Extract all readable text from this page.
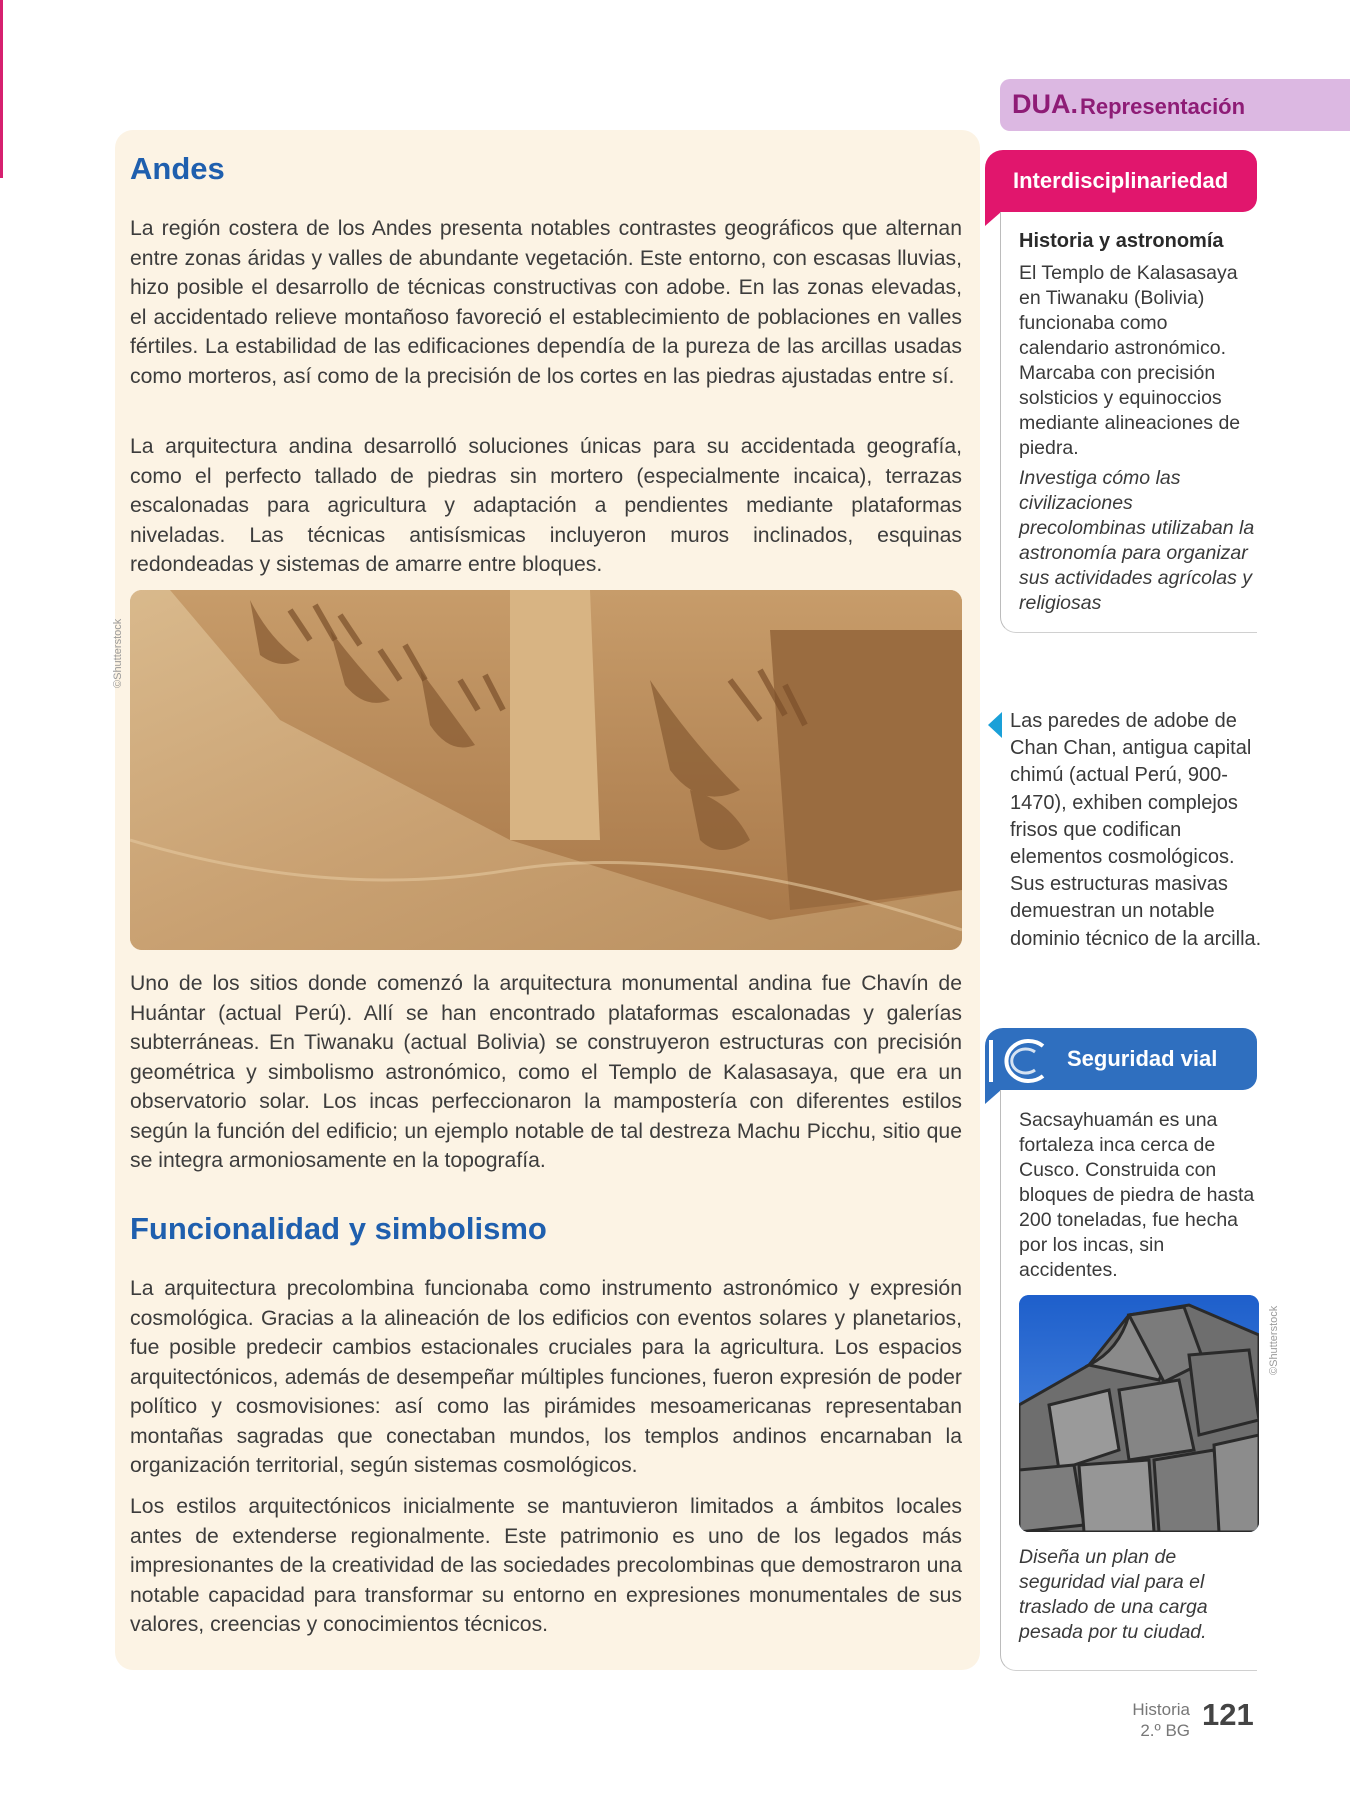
DUA. Representación
Andes

La región costera de los Andes presenta notables contrastes geográficos que alternan entre zonas áridas y valles de abundante vegetación. Este entorno, con escasas lluvias, hizo posible el desarrollo de técnicas constructivas con adobe. En las zonas elevadas, el accidentado relieve montañoso favoreció el establecimiento de poblaciones en valles fértiles. La estabilidad de las edificaciones dependía de la pureza de las arcillas usadas como morteros, así como de la precisión de los cortes en las piedras ajustadas entre sí.

La arquitectura andina desarrolló soluciones únicas para su accidentada geografía, como el perfecto tallado de piedras sin mortero (especialmente incaica), terrazas escalonadas para agricultura y adaptación a pendientes mediante plataformas niveladas. Las técnicas antisísmicas incluyeron muros inclinados, esquinas redondeadas y sistemas de amarre entre bloques.

©Shutterstock

Uno de los sitios donde comenzó la arquitectura monumental andina fue Chavín de Huántar (actual Perú). Allí se han encontrado plataformas escalonadas y galerías subterráneas. En Tiwanaku (actual Bolivia) se construyeron estructuras con precisión geométrica y simbolismo astronómico, como el Templo de Kalasasaya, que era un observatorio solar. Los incas perfeccionaron la mampostería con diferentes estilos según la función del edificio; un ejemplo notable de tal destreza Machu Picchu, sitio que se integra armoniosamente en la topografía.

Funcionalidad y simbolismo

La arquitectura precolombina funcionaba como instrumento astronómico y expresión cosmológica. Gracias a la alineación de los edificios con eventos solares y planetarios, fue posible predecir cambios estacionales cruciales para la agricultura. Los espacios arquitectónicos, además de desempeñar múltiples funciones, fueron expresión de poder político y cosmovisiones: así como las pirámides mesoamericanas representaban montañas sagradas que conectaban mundos, los templos andinos encarnaban la organización territorial, según sistemas cosmológicos.

Los estilos arquitectónicos inicialmente se mantuvieron limitados a ámbitos locales antes de extenderse regionalmente. Este patrimonio es uno de los legados más impresionantes de la creatividad de las sociedades precolombinas que demostraron una notable capacidad para transformar su entorno en expresiones monumentales de sus valores, creencias y conocimientos técnicos.

Interdisciplinariedad

Historia y astronomía

El Templo de Kalasasaya en Tiwanaku (Bolivia) funcionaba como calendario astronómico. Marcaba con precisión solsticios y equinoccios mediante alineaciones de piedra.

Investiga cómo las civilizaciones precolombinas utilizaban la astronomía para organizar sus actividades agrícolas y religiosas

Las paredes de adobe de Chan Chan, antigua capital chimú (actual Perú, 900-1470), exhiben complejos frisos que codifican elementos cosmológicos. Sus estructuras masivas demuestran un notable dominio técnico de la arcilla.

Seguridad vial

Sacsayhuamán es una fortaleza inca cerca de Cusco. Construida con bloques de piedra de hasta 200 toneladas, fue hecha por los incas, sin accidentes.

©Shutterstock

Diseña un plan de seguridad vial para el traslado de una carga pesada por tu ciudad.

Historia
2.º BG 121
